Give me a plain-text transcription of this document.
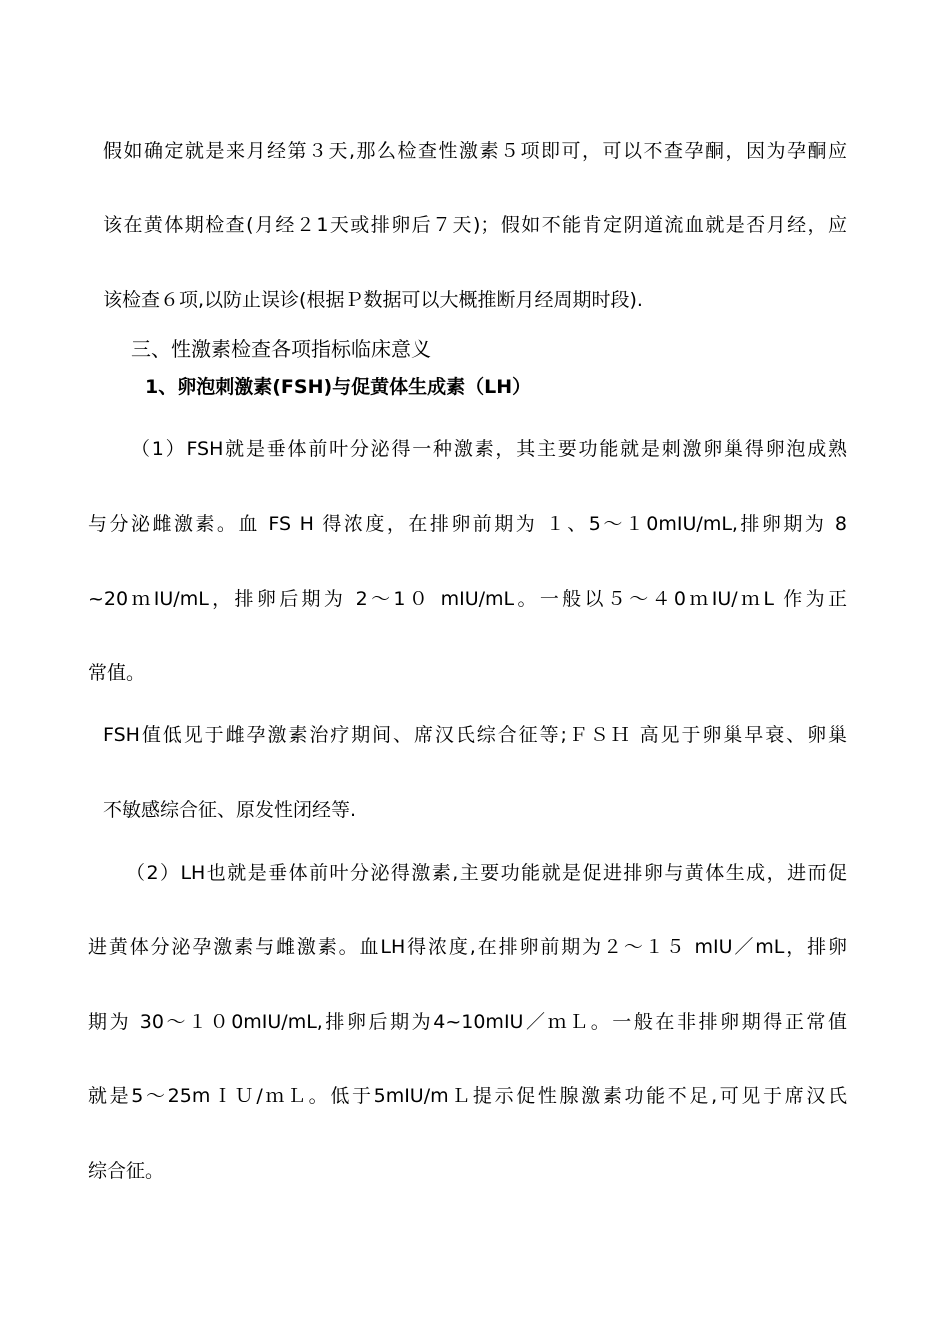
假如确定就是来月经第３天,那么检查性激素５项即可，可以不查孕酮，因为孕酮应
该在黄体期检查(月经２1天或排卵后７天)；假如不能肯定阴道流血就是否月经，应
该检查６项,以防止误诊(根据Ｐ数据可以大概推断月经周期时段).
三、性激素检查各项指标临床意义
1、卵泡刺激素(FSH)与促黄体生成素（LH）
（1）FSH就是垂体前叶分泌得一种激素，其主要功能就是刺激卵巢得卵泡成熟
与分泌雌激素。血 FS H 得浓度，在排卵前期为 １、5～１0mIU/mL,排卵期为 8
~20ｍIU/mL，排卵后期为 2～1０ mIU/mL。一般以５～４0ｍIU/ｍL 作为正
常值。
FSH值低见于雌孕激素治疗期间、席汉氏综合征等;ＦＳＨ 高见于卵巢早衰、卵巢
不敏感综合征、原发性闭经等.
（2）LH也就是垂体前叶分泌得激素,主要功能就是促进排卵与黄体生成，进而促
进黄体分泌孕激素与雌激素。血LH得浓度,在排卵前期为２～１５ mIU／mL，排卵
期为 30～１０0mIU/mL,排卵后期为4~10mIU／ｍＬ。一般在非排卵期得正常值
就是5～25mＩＵ/ｍＬ。低于5mIU/mＬ提示促性腺激素功能不足,可见于席汉氏
综合征。
